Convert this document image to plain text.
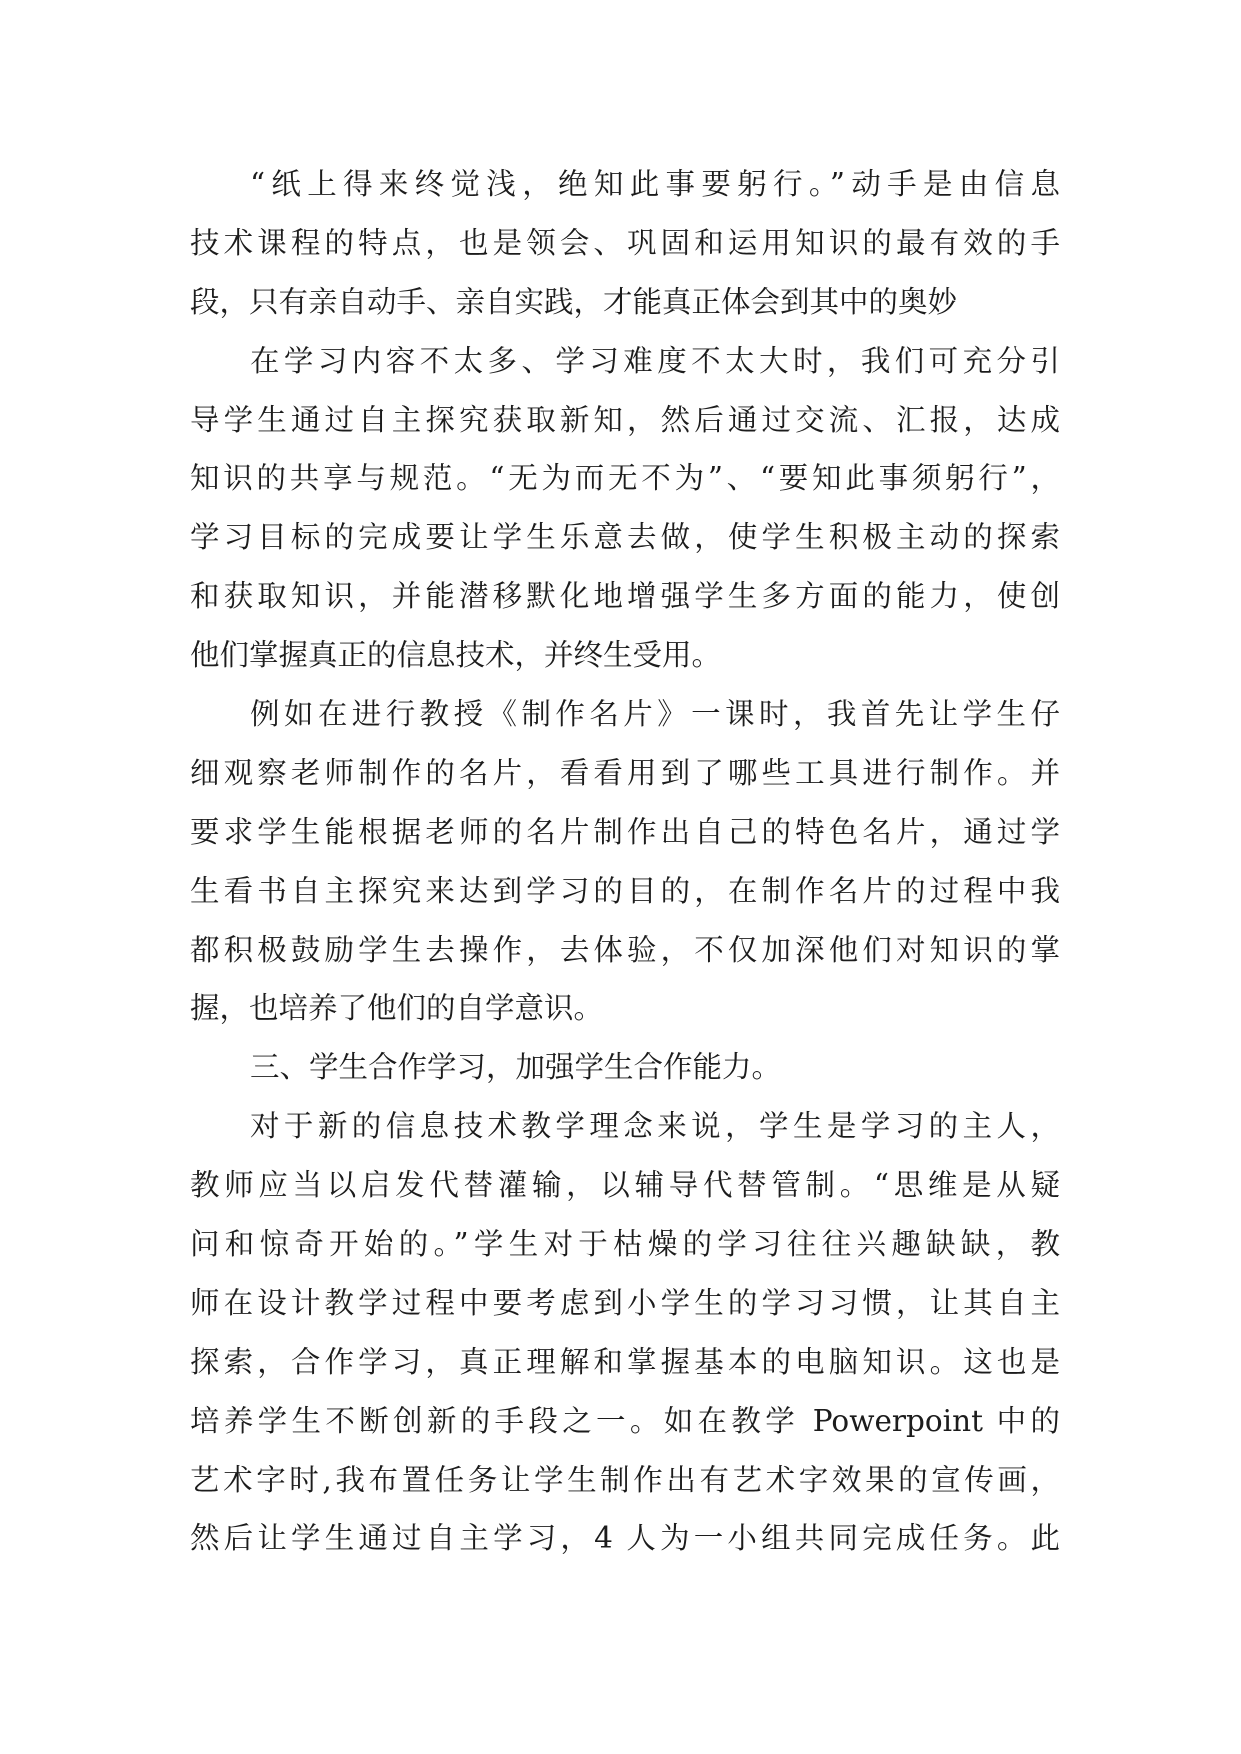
“纸上得来终觉浅，绝知此事要躬行。”动手是由信息
技术课程的特点，也是领会、巩固和运用知识的最有效的手
段，只有亲自动手、亲自实践，才能真正体会到其中的奥妙
在学习内容不太多、学习难度不太大时，我们可充分引
导学生通过自主探究获取新知，然后通过交流、汇报，达成
知识的共享与规范。“无为而无不为”、“要知此事须躬行”，
学习目标的完成要让学生乐意去做，使学生积极主动的探索
和获取知识，并能潜移默化地增强学生多方面的能力，使创
他们掌握真正的信息技术，并终生受用。
例如在进行教授《制作名片》一课时，我首先让学生仔
细观察老师制作的名片，看看用到了哪些工具进行制作。并
要求学生能根据老师的名片制作出自己的特色名片，通过学
生看书自主探究来达到学习的目的，在制作名片的过程中我
都积极鼓励学生去操作，去体验，不仅加深他们对知识的掌
握，也培养了他们的自学意识。
三、学生合作学习，加强学生合作能力。
对于新的信息技术教学理念来说，学生是学习的主人，
教师应当以启发代替灌输，以辅导代替管制。“思维是从疑
问和惊奇开始的。”学生对于枯燥的学习往往兴趣缺缺，教
师在设计教学过程中要考虑到小学生的学习习惯，让其自主
探索，合作学习，真正理解和掌握基本的电脑知识。这也是
培养学生不断创新的手段之一。如在教学 Powerpoint 中的
艺术字时,我布置任务让学生制作出有艺术字效果的宣传画，
然后让学生通过自主学习，4 人为一小组共同完成任务。此
